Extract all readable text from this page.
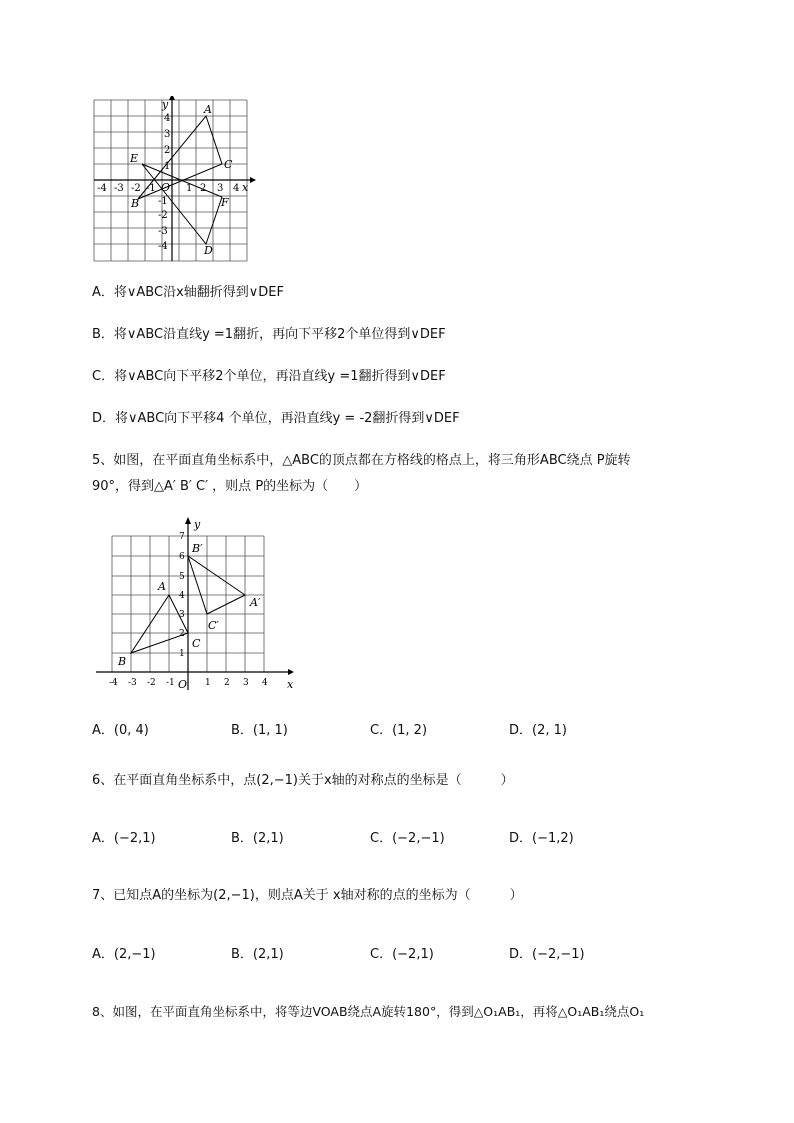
A
B
C
D
E
F
O	x
y
-4 -3 -2 -1	1 2 3 4
4
3
2
1
-1
-2
-3
-4
A．将∨ABC沿x轴翻折得到∨DEF
B．将∨ABC沿直线y =1翻折，再向下平移2个单位得到∨DEF
C．将∨ABC向下平移2个单位，再沿直线y =1翻折得到∨DEF
D．将∨ABC向下平移4 个单位，再沿直线y = -2翻折得到∨DEF
5、如图，在平面直角坐标系中，△ABC的顶点都在方格线的格点上，将三角形ABC绕点 P旋转
90°，得到△A′ B′ C′ ，则点 P的坐标为（　　）
A
B
C
A′
B′
C′
O	x
y
-4 -3 -2 -1	1 2 3 4
1
2
3
4
5
6
7
A．(0, 4)	B．(1, 1)	C．(1, 2)	D．(2, 1)
6、在平面直角坐标系中，点(2,−1)关于x轴的对称点的坐标是（　　　）
A．(−2,1)	B．(2,1)	C．(−2,−1)	D．(−1,2)
7、已知点A的坐标为(2,−1)，则点A关于 x轴对称的点的坐标为（　　　）
A．(2,−1)	B．(2,1)	C．(−2,1)	D．(−2,−1)
8、如图，在平面直角坐标系中，将等边VOAB绕点A旋转180°，得到△O₁AB₁，再将△O₁AB₁绕点O₁
